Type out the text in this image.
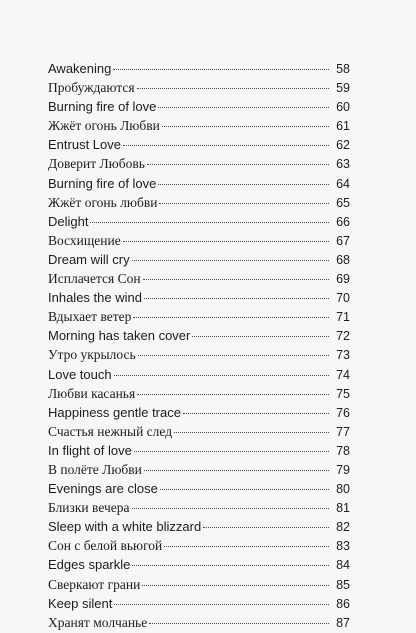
Awakening	58
Пробуждаются	59
Burning fire of love	60
Жжёт огонь Любви	61
Entrust Love	62
Доверит Любовь	63
Burning fire of love	64
Жжёт огонь любви	65
Delight	66
Восхищение	67
Dream will cry	68
Исплачется Сон	69
Inhales the wind	70
Вдыхает ветер	71
Morning has taken cover	72
Утро укрылось	73
Love touch	74
Любви касанья	75
Happiness gentle trace	76
Счастья нежный след	77
In flight of love	78
В полёте Любви	79
Evenings are close	80
Близки вечера	81
Sleep with a white blizzard	82
Сон с белой вьюгой	83
Edges sparkle	84
Сверкают грани	85
Keep silent	86
Хранят молчанье	87
